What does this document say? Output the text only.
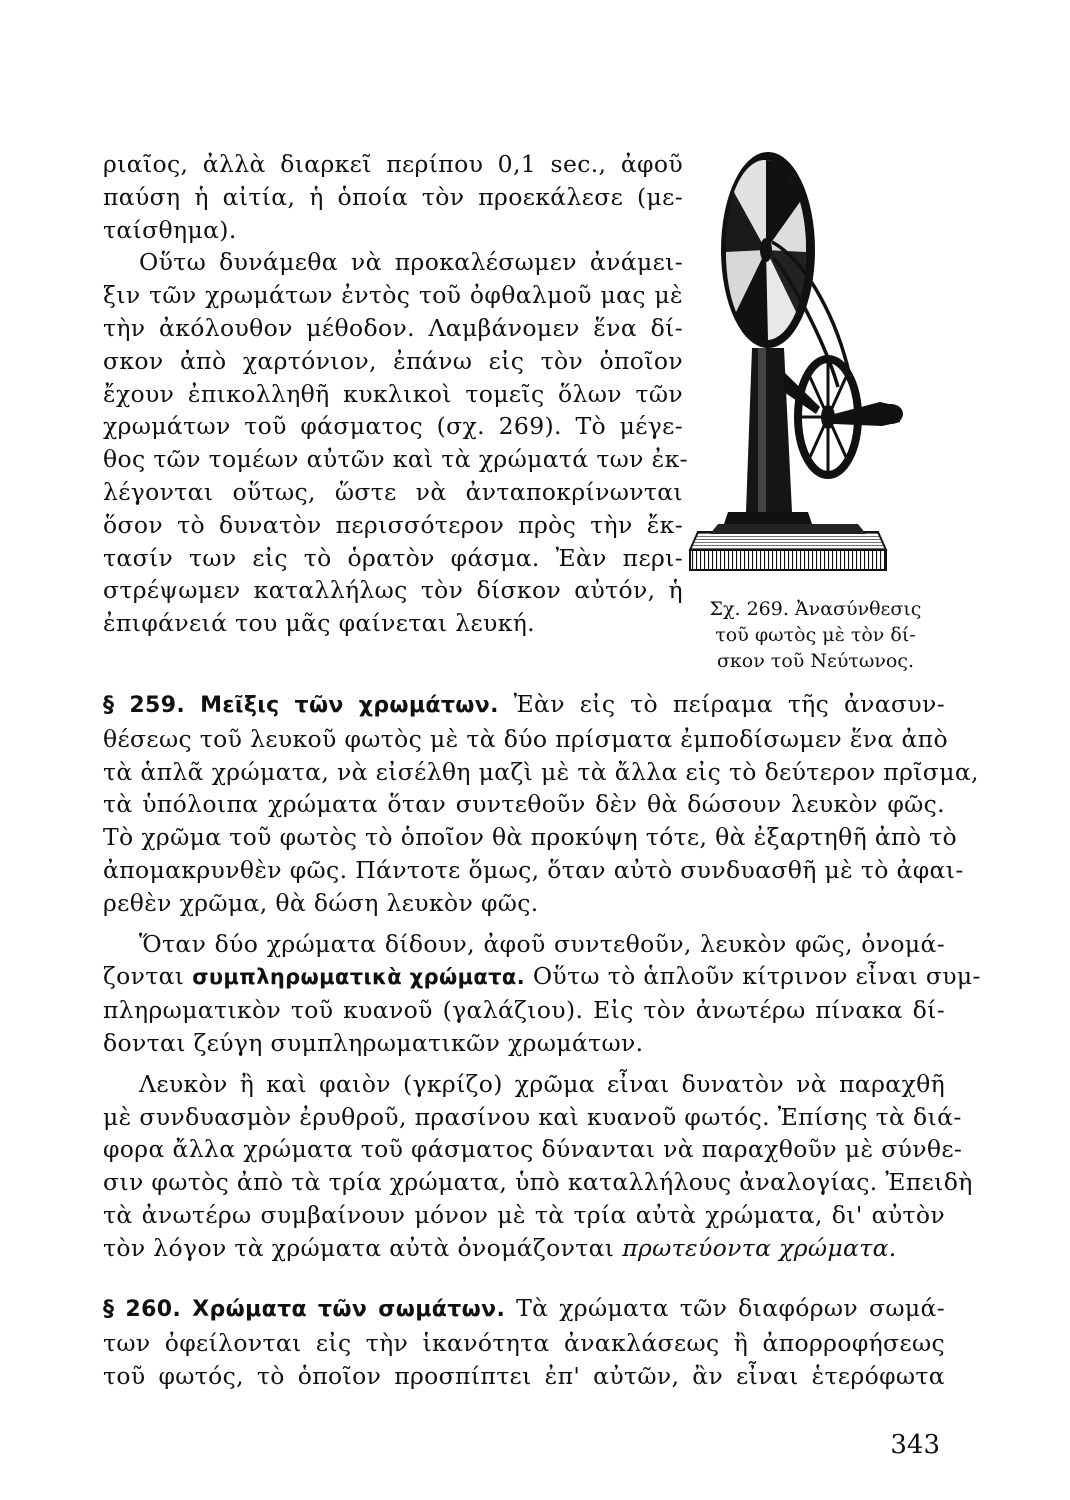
ριαῖος, ἀλλὰ διαρκεῖ περίπου 0,1 sec., ἀφοῦ
παύση ἡ αἰτία, ἡ ὁποία τὸν προεκάλεσε (με-
ταίσθημα).
Οὕτω δυνάμεθα νὰ προκαλέσωμεν ἀνάμει-
ξιν τῶν χρωμάτων ἐντὸς τοῦ ὀφθαλμοῦ μας μὲ
τὴν ἀκόλουθον μέθοδον. Λαμβάνομεν ἕνα δί-
σκον ἀπὸ χαρτόνιον, ἐπάνω εἰς τὸν ὁποῖον
ἔχουν ἐπικολληθῆ κυκλικοὶ τομεῖς ὅλων τῶν
χρωμάτων τοῦ φάσματος (σχ. 269). Τὸ μέγε-
θος τῶν τομέων αὐτῶν καὶ τὰ χρώματά των ἐκ-
λέγονται οὕτως, ὥστε νὰ ἀνταποκρίνωνται
ὅσον τὸ δυνατὸν περισσότερον πρὸς τὴν ἔκ-
τασίν των εἰς τὸ ὁρατὸν φάσμα. Ἐὰν περι-
στρέψωμεν καταλλήλως τὸν δίσκον αὐτόν, ἡ
ἐπιφάνειά του μᾶς φαίνεται λευκή.
Σχ. 269. Ἀνασύνθεσις
τοῦ φωτὸς μὲ τὸν δί-
σκον τοῦ Νεύτωνος.
§ 259. Μεῖξις τῶν χρωμάτων. Ἐὰν εἰς τὸ πείραμα τῆς ἀνασυν-
θέσεως τοῦ λευκοῦ φωτὸς μὲ τὰ δύο πρίσματα ἐμποδίσωμεν ἕνα ἀπὸ
τὰ ἁπλᾶ χρώματα, νὰ εἰσέλθη μαζὶ μὲ τὰ ἄλλα εἰς τὸ δεύτερον πρῖσμα,
τὰ ὑπόλοιπα χρώματα ὅταν συντεθοῦν δὲν θὰ δώσουν λευκὸν φῶς.
Τὸ χρῶμα τοῦ φωτὸς τὸ ὁποῖον θὰ προκύψη τότε, θὰ ἐξαρτηθῆ ἀπὸ τὸ
ἀπομακρυνθὲν φῶς. Πάντοτε ὅμως, ὅταν αὐτὸ συνδυασθῆ μὲ τὸ ἀφαι-
ρεθὲν χρῶμα, θὰ δώση λευκὸν φῶς.
Ὅταν δύο χρώματα δίδουν, ἀφοῦ συντεθοῦν, λευκὸν φῶς, ὀνομά-
ζονται συμπληρωματικὰ χρώματα. Οὕτω τὸ ἁπλοῦν κίτρινον εἶναι συμ-
πληρωματικὸν τοῦ κυανοῦ (γαλάζιου). Εἰς τὸν ἀνωτέρω πίνακα δί-
δονται ζεύγη συμπληρωματικῶν χρωμάτων.
Λευκὸν ἢ καὶ φαιὸν (γκρίζο) χρῶμα εἶναι δυνατὸν νὰ παραχθῆ
μὲ συνδυασμὸν ἐρυθροῦ, πρασίνου καὶ κυανοῦ φωτός. Ἐπίσης τὰ διά-
φορα ἄλλα χρώματα τοῦ φάσματος δύνανται νὰ παραχθοῦν μὲ σύνθε-
σιν φωτὸς ἀπὸ τὰ τρία χρώματα, ὑπὸ καταλλήλους ἀναλογίας. Ἐπειδὴ
τὰ ἀνωτέρω συμβαίνουν μόνον μὲ τὰ τρία αὐτὰ χρώματα, δι' αὐτὸν
τὸν λόγον τὰ χρώματα αὐτὰ ὀνομάζονται πρωτεύοντα χρώματα.
§ 260. Χρώματα τῶν σωμάτων. Τὰ χρώματα τῶν διαφόρων σωμά-
των ὀφείλονται εἰς τὴν ἱκανότητα ἀνακλάσεως ἢ ἀπορροφήσεως
τοῦ φωτός, τὸ ὁποῖον προσπίπτει ἐπ' αὐτῶν, ἂν εἶναι ἑτερόφωτα
343
